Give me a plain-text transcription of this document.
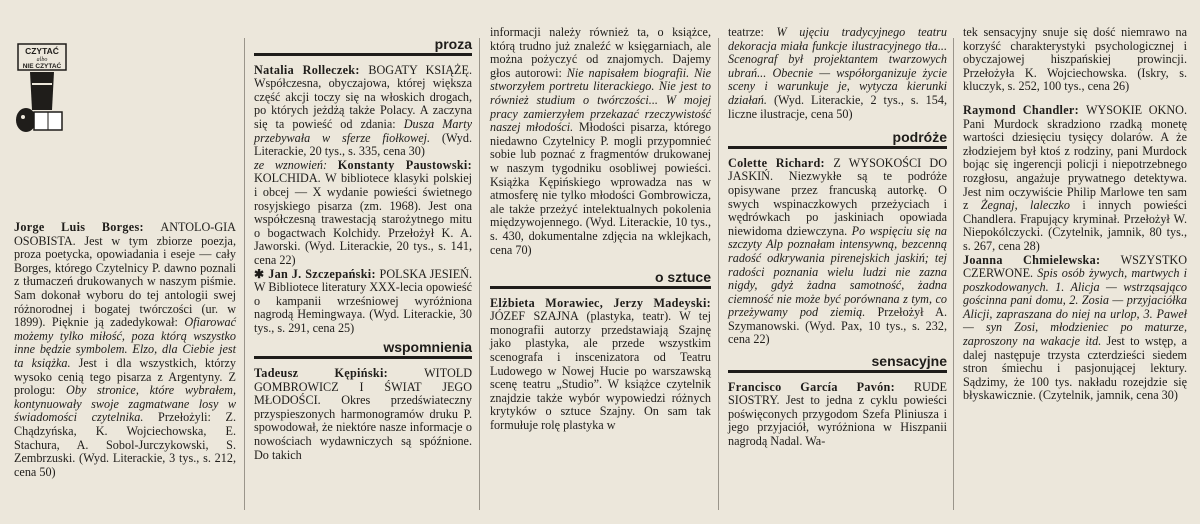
CZYTAĆ
albo
NIE CZYTAĆ

Jorge Luis Borges: ANTOLO-GIA OSOBISTA. Jest w tym zbiorze poezja, proza poetycka, opowiadania i eseje — cały Borges, którego Czytelnicy P. dawno poznali z tłumaczeń drukowanych w naszym piśmie. Sam dokonał wyboru do tej antologii swej różnorodnej i bogatej twórczości (ur. w 1899). Pięknie ją zadedykował: Ofiarować możemy tylko miłość, poza którą wszystko inne będzie symbolem. Elzo, dla Ciebie jest ta książka. Jest i dla wszystkich, którzy wysoko cenią tego pisarza z Argentyny. Z prologu: Oby stronice, które wybrałem, kontynuowały swoje zagmatwane losy w świadomości czytelnika. Przełożyli: Z. Chądzyńska, K. Wojciechowska, E. Stachura, A. Sobol-Jurczykowski, S. Zembrzuski. (Wyd. Literackie, 3 tys., s. 212, cena 50)

proza

Natalia Rolleczek: BOGATY KSIĄŻĘ. Współczesna, obyczajowa, której większa część akcji toczy się na włoskich drogach, po których jeżdżą także Polacy. A zaczyna się ta powieść od zdania: Dusza Marty przebywała w sferze fiołkowej. (Wyd. Literackie, 20 tys., s. 335, cena 30)

ze wznowień: Konstanty Paustowski: KOLCHIDA. W bibliotece klasyki polskiej i obcej — X wydanie powieści świetnego rosyjskiego pisarza (zm. 1968). Jest ona współczesną trawestacją starożytnego mitu o bogactwach Kolchidy. Przełożył K. A. Jaworski. (Wyd. Literackie, 20 tys., s. 141, cena 22)

✱ Jan J. Szczepański: POLSKA JESIEŃ. W Bibliotece literatury XXX-lecia opowieść o kampanii wrześniowej wyróżniona nagrodą Hemingwaya. (Wyd. Literackie, 30 tys., s. 291, cena 25)

wspomnienia

Tadeusz Kępiński: WITOLD GOMBROWICZ I ŚWIAT JEGO MŁODOŚCI. Okres przedświateczny przyspieszonych harmonogramów druku P. spowodował, że niektóre nasze informacje o nowościach wydawniczych są spóźnione. Do takich

informacji należy również ta, o książce, którą trudno już znaleźć w księgarniach, ale można pożyczyć od znajomych. Dajemy głos autorowi: Nie napisałem biografii. Nie stworzyłem portretu literackiego. Nie jest to również studium o twórczości... W mojej pracy zamierzyłem przekazać rzeczywistość naszej młodości. Młodości pisarza, którego niedawno Czytelnicy P. mogli przypomnieć sobie lub poznać z fragmentów drukowanej w naszym tygodniku osobliwej powieści. Książka Kępińskiego wprowadza nas w atmosferę nie tylko młodości Gombrowicza, ale także przeżyć intelektualnych pokolenia międzywojennego. (Wyd. Literackie, 10 tys., s. 430, dokumentalne zdjęcia na wklejkach, cena 70)

o sztuce

Elżbieta Morawiec, Jerzy Madeyski: JÓZEF SZAJNA (plastyka, teatr). W tej monografii autorzy przedstawiają Szajnę jako plastyka, ale przede wszystkim scenografa i inscenizatora od Teatru Ludowego w Nowej Hucie po warszawską scenę teatru „Studio”. W książce czytelnik znajdzie także wybór wypowiedzi różnych krytyków o sztuce Szajny. On sam tak formułuje rolę plastyka w

teatrze: W ujęciu tradycyjnego teatru dekoracja miała funkcje ilustracyjnego tła... Scenograf był projektantem twarzowych ubrań... Obecnie — współorganizuje życie sceny i warunkuje je, wytycza kierunki działań. (Wyd. Literackie, 2 tys., s. 154, liczne ilustracje, cena 50)

podróże

Colette Richard: Z WYSOKOŚCI DO JASKIŃ. Niezwykłe są te podróże opisywane przez francuską autorkę. O swych wspinaczkowych przeżyciach i wędrówkach po jaskiniach opowiada niewidoma dziewczyna. Po wspięciu się na szczyty Alp poznałam intensywną, bezcenną radość odkrywania pirenejskich jaskiń; tej radości poznania wielu ludzi nie zazna nigdy, gdyż żadna samotność, żadna ciemność nie może być porównana z tym, co przeżywamy pod ziemią. Przełożył A. Szymanowski. (Wyd. Pax, 10 tys., s. 232, cena 22)

sensacyjne

Francisco García Pavón: RUDE SIOSTRY. Jest to jedna z cyklu powieści poświęconych przygodom Szefa Pliniusza i jego przyjaciół, wyróżniona w Hiszpanii nagrodą Nadal. Wa-

tek sensacyjny snuje się dość niemrawo na korzyść charakterystyki psychologicznej i obyczajowej hiszpańskiej prowincji. Przełożyła K. Wojciechowska. (Iskry, s. kluczyk, s. 252, 100 tys., cena 26)

Raymond Chandler: WYSOKIE OKNO. Pani Murdock skradziono rzadką monetę wartości dziesięciu tysięcy dolarów. A że złodziejem był ktoś z rodziny, pani Murdock bojąc się ingerencji policji i niepotrzebnego rozgłosu, angażuje prywatnego detektywa. Jest nim oczywiście Philip Marlowe ten sam z Żegnaj, laleczko i innych powieści Chandlera. Frapujący kryminał. Przełożył W. Niepokólczycki. (Czytelnik, jamnik, 80 tys., s. 267, cena 28)

Joanna Chmielewska: WSZYSTKO CZERWONE. Spis osób żywych, martwych i poszkodowanych. 1. Alicja — wstrząsająco gościnna pani domu, 2. Zosia — przyjaciółka Alicji, zapraszana do niej na urlop, 3. Paweł — syn Zosi, młodzieniec po maturze, zaproszony na wakacje itd. Jest to wstęp, a dalej następuje trzysta czterdzieści siedem stron śmiechu i pasjonującej lektury. Sądzimy, że 100 tys. nakładu rozejdzie się błyskawicznie. (Czytelnik, jamnik, cena 30)
